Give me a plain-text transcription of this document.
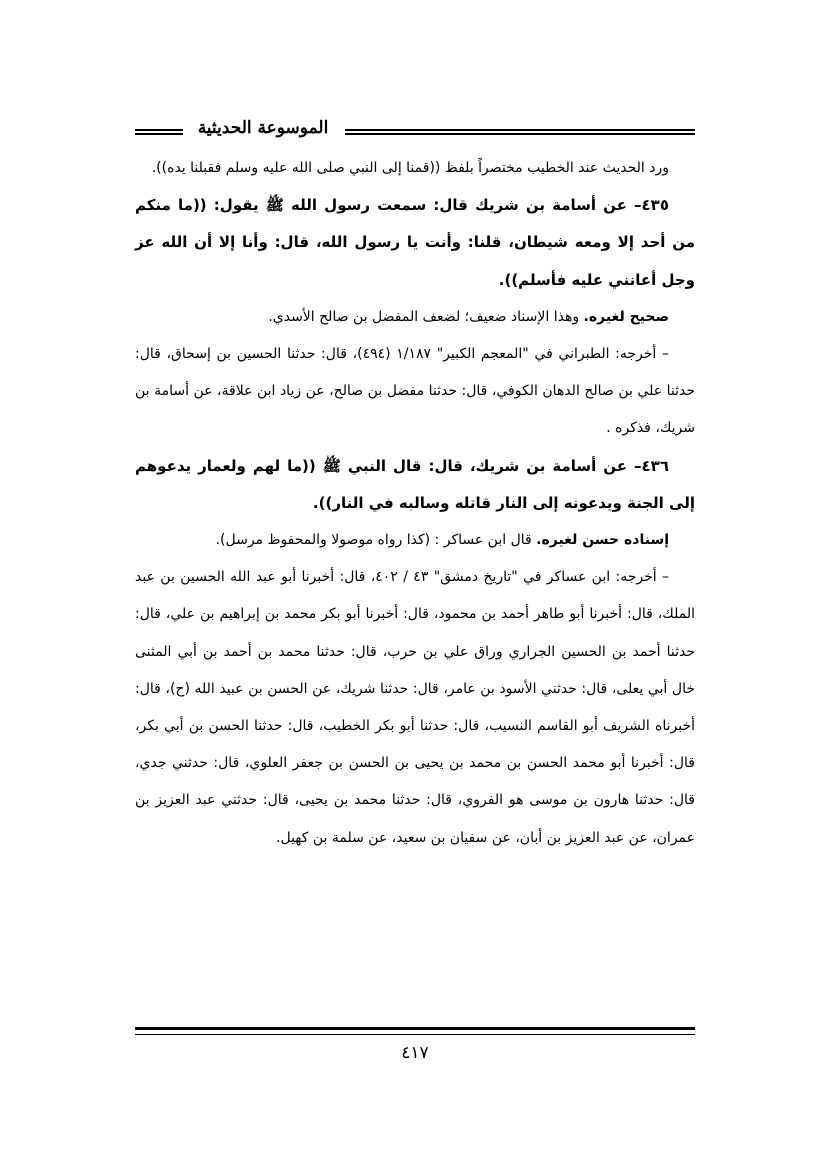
الموسوعة الحديثية

ورد الحديث عند الخطيب مختصراً بلفظ ((قمنا إلى النبي صلى الله عليه وسلم فقبلنا يده)).

٤٣٥– عن أسامة بن شريك قال: سمعت رسول الله ﷺ يقول: ((ما منكم من أحد إلا ومعه شيطان، قلنا: وأنت يا رسول الله، قال: وأنا إلا أن الله عز وجل أعانني عليه فأسلم)).

صحيح لغيره. وهذا الإسناد ضعيف؛ لضعف المفضل بن صالح الأسدي.

– أخرجه: الطبراني في "المعجم الكبير" ١/١٨٧ (٤٩٤)، قال: حدثنا الحسين بن إسحاق، قال: حدثنا علي بن صالح الدهان الكوفي، قال: حدثنا مفضل بن صالح، عن زياد ابن علاقة، عن أسامة بن شريك، فذكره .

٤٣٦– عن أسامة بن شريك، قال: قال النبي ﷺ ((ما لهم ولعمار يدعوهم إلى الجنة ويدعونه إلى النار قاتله وسالبه في النار)).

إسناده حسن لغيره. قال ابن عساكر : (كذا رواه موصولا والمحفوظ مرسل).

– أخرجه: ابن عساكر في "تاريخ دمشق" ٤٣ / ٤٠٢، قال: أخبرنا أبو عبد الله الحسين بن عبد الملك، قال: أخبرنا أبو طاهر أحمد بن محمود، قال: أخبرنا أبو بكر محمد بن إبراهيم بن علي، قال: حدثنا أحمد بن الحسين الجراري وراق علي بن حرب، قال: حدثنا محمد بن أحمد بن أبي المثنى خال أبي يعلى، قال: حدثني الأسود بن عامر، قال: حدثنا شريك، عن الحسن بن عبيد الله (ح)، قال: أخبرناه الشريف أبو القاسم النسيب، قال: حدثنا أبو بكر الخطيب، قال: حدثنا الحسن بن أبي بكر، قال: أخبرنا أبو محمد الحسن بن محمد بن يحيى بن الحسن بن جعفر العلوي، قال: حدثني جدي، قال: حدثنا هارون بن موسى هو الفروي، قال: حدثنا محمد بن يحيى، قال: حدثني عبد العزيز بن عمران، عن عبد العزيز بن أبان، عن سفيان بن سعيد، عن سلمة بن كهيل.

٤١٧
